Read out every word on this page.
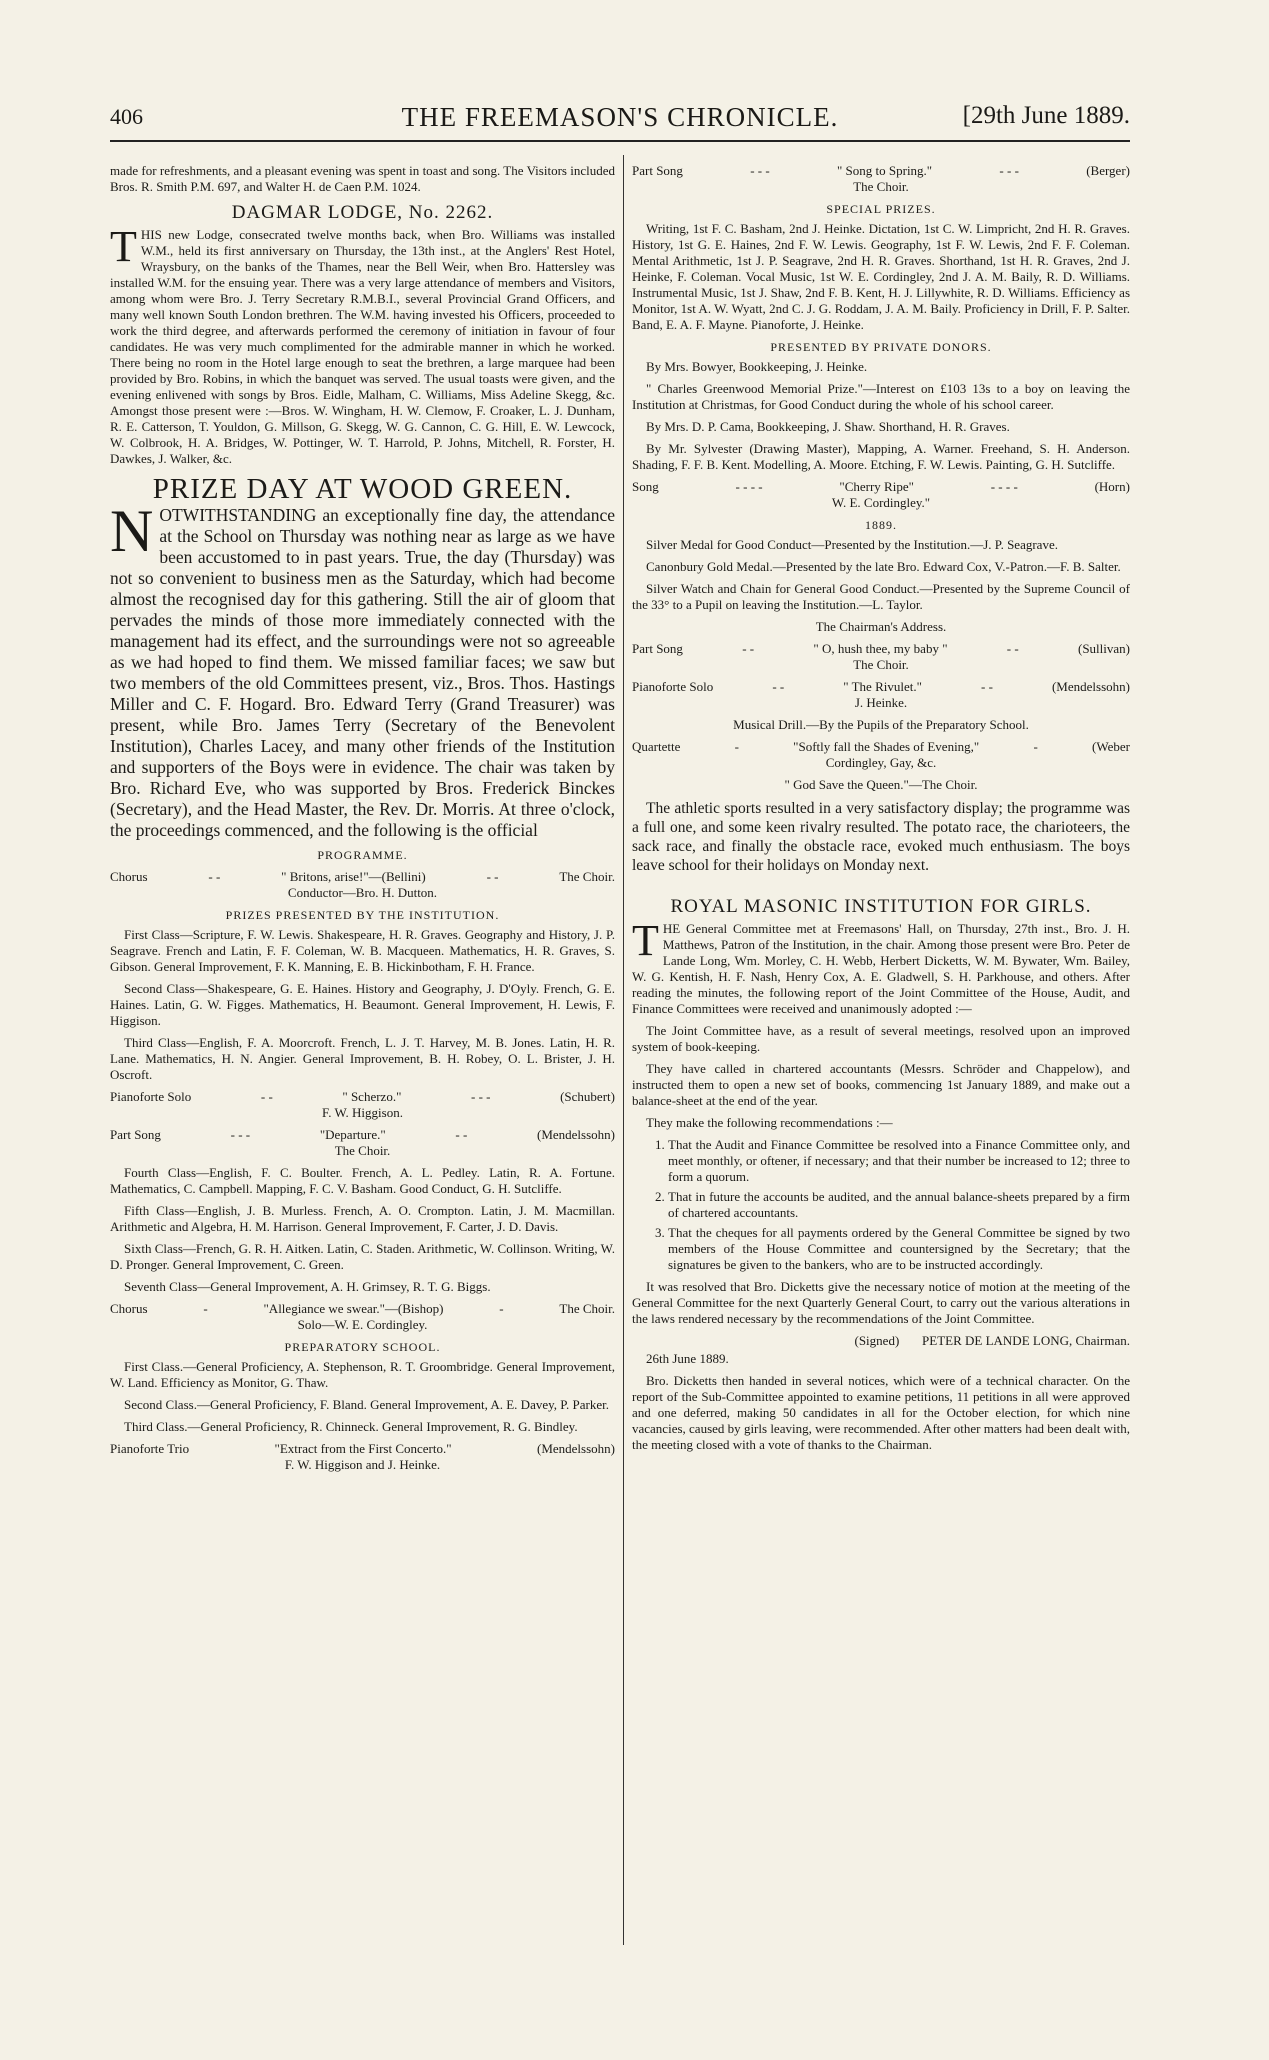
406	THE FREEMASON'S CHRONICLE.	[29th June 1889.

made for refreshments, and a pleasant evening was spent in toast and song. The Visitors included Bros. R. Smith P.M. 697, and Walter H. de Caen P.M. 1024.

DAGMAR LODGE, No. 2262.

THIS new Lodge, consecrated twelve months back, when Bro. Williams was installed W.M., held its first anniversary on Thursday, the 13th inst., at the Anglers' Rest Hotel, Wraysbury, on the banks of the Thames, near the Bell Weir, when Bro. Hattersley was installed W.M. for the ensuing year. There was a very large attendance of members and Visitors, among whom were Bro. J. Terry Secretary R.M.B.I., several Provincial Grand Officers, and many well known South London brethren. The W.M. having invested his Officers, proceeded to work the third degree, and afterwards performed the ceremony of initiation in favour of four candidates. He was very much complimented for the admirable manner in which he worked. There being no room in the Hotel large enough to seat the brethren, a large marquee had been provided by Bro. Robins, in which the banquet was served. The usual toasts were given, and the evening enlivened with songs by Bros. Eidle, Malham, C. Williams, Miss Adeline Skegg, &c. Amongst those present were :—Bros. W. Wingham, H. W. Clemow, F. Croaker, L. J. Dunham, R. E. Catterson, T. Youldon, G. Millson, G. Skegg, W. G. Cannon, C. G. Hill, E. W. Lewcock, W. Colbrook, H. A. Bridges, W. Pottinger, W. T. Harrold, P. Johns, Mitchell, R. Forster, H. Dawkes, J. Walker, &c.

PRIZE DAY AT WOOD GREEN.

NOTWITHSTANDING an exceptionally fine day, the attendance at the School on Thursday was nothing near as large as we have been accustomed to in past years. True, the day (Thursday) was not so convenient to business men as the Saturday, which had become almost the recognised day for this gathering. Still the air of gloom that pervades the minds of those more immediately connected with the management had its effect, and the surroundings were not so agreeable as we had hoped to find them. We missed familiar faces; we saw but two members of the old Committees present, viz., Bros. Thos. Hastings Miller and C. F. Hogard. Bro. Edward Terry (Grand Treasurer) was present, while Bro. James Terry (Secretary of the Benevolent Institution), Charles Lacey, and many other friends of the Institution and supporters of the Boys were in evidence. The chair was taken by Bro. Richard Eve, who was supported by Bros. Frederick Binckes (Secretary), and the Head Master, the Rev. Dr. Morris. At three o'clock, the proceedings commenced, and the following is the official

PROGRAMME.
Chorus	- -	" Britons, arise!"—(Bellini)	- -	The Choir.
Conductor—Bro. H. Dutton.
PRIZES PRESENTED BY THE INSTITUTION.

First Class—Scripture, F. W. Lewis. Shakespeare, H. R. Graves. Geography and History, J. P. Seagrave. French and Latin, F. F. Coleman, W. B. Macqueen. Mathematics, H. R. Graves, S. Gibson. General Improvement, F. K. Manning, E. B. Hickinbotham, F. H. France.

Second Class—Shakespeare, G. E. Haines. History and Geography, J. D'Oyly. French, G. E. Haines. Latin, G. W. Figges. Mathematics, H. Beaumont. General Improvement, H. Lewis, F. Higgison.

Third Class—English, F. A. Moorcroft. French, L. J. T. Harvey, M. B. Jones. Latin, H. R. Lane. Mathematics, H. N. Angier. General Improvement, B. H. Robey, O. L. Brister, J. H. Oscroft.

Pianoforte Solo	- -	" Scherzo."	- - -	(Schubert)
F. W. Higgison.
Part Song	- - -	"Departure."	- -	(Mendelssohn)
The Choir.

Fourth Class—English, F. C. Boulter. French, A. L. Pedley. Latin, R. A. Fortune. Mathematics, C. Campbell. Mapping, F. C. V. Basham. Good Conduct, G. H. Sutcliffe.

Fifth Class—English, J. B. Murless. French, A. O. Crompton. Latin, J. M. Macmillan. Arithmetic and Algebra, H. M. Harrison. General Improvement, F. Carter, J. D. Davis.

Sixth Class—French, G. R. H. Aitken. Latin, C. Staden. Arithmetic, W. Collinson. Writing, W. D. Pronger. General Improvement, C. Green.

Seventh Class—General Improvement, A. H. Grimsey, R. T. G. Biggs.

Chorus	-	"Allegiance we swear."—(Bishop)	-	The Choir.
Solo—W. E. Cordingley.
PREPARATORY SCHOOL.

First Class.—General Proficiency, A. Stephenson, R. T. Groombridge. General Improvement, W. Land. Efficiency as Monitor, G. Thaw.

Second Class.—General Proficiency, F. Bland. General Improvement, A. E. Davey, P. Parker.

Third Class.—General Proficiency, R. Chinneck. General Improvement, R. G. Bindley.

Pianoforte Trio	"Extract from the First Concerto."	(Mendelssohn)
F. W. Higgison and J. Heinke.
Part Song	- - -	" Song to Spring."	- - -	(Berger)
The Choir.
SPECIAL PRIZES.

Writing, 1st F. C. Basham, 2nd J. Heinke. Dictation, 1st C. W. Limpricht, 2nd H. R. Graves. History, 1st G. E. Haines, 2nd F. W. Lewis. Geography, 1st F. W. Lewis, 2nd F. F. Coleman. Mental Arithmetic, 1st J. P. Seagrave, 2nd H. R. Graves. Shorthand, 1st H. R. Graves, 2nd J. Heinke, F. Coleman. Vocal Music, 1st W. E. Cordingley, 2nd J. A. M. Baily, R. D. Williams. Instrumental Music, 1st J. Shaw, 2nd F. B. Kent, H. J. Lillywhite, R. D. Williams. Efficiency as Monitor, 1st A. W. Wyatt, 2nd C. J. G. Roddam, J. A. M. Baily. Proficiency in Drill, F. P. Salter. Band, E. A. F. Mayne. Pianoforte, J. Heinke.

PRESENTED BY PRIVATE DONORS.

By Mrs. Bowyer, Bookkeeping, J. Heinke.

" Charles Greenwood Memorial Prize."—Interest on £103 13s to a boy on leaving the Institution at Christmas, for Good Conduct during the whole of his school career.

By Mrs. D. P. Cama, Bookkeeping, J. Shaw. Shorthand, H. R. Graves.

By Mr. Sylvester (Drawing Master), Mapping, A. Warner. Freehand, S. H. Anderson. Shading, F. F. B. Kent. Modelling, A. Moore. Etching, F. W. Lewis. Painting, G. H. Sutcliffe.

Song	- - - -	"Cherry Ripe"	- - - -	(Horn)
W. E. Cordingley."
1889.

Silver Medal for Good Conduct—Presented by the Institution.—J. P. Seagrave.

Canonbury Gold Medal.—Presented by the late Bro. Edward Cox, V.-Patron.—F. B. Salter.

Silver Watch and Chain for General Good Conduct.—Presented by the Supreme Council of the 33° to a Pupil on leaving the Institution.—L. Taylor.

The Chairman's Address.
Part Song	- -	" O, hush thee, my baby "	- -	(Sullivan)
The Choir.
Pianoforte Solo	- -	" The Rivulet."	- -	(Mendelssohn)
J. Heinke.
Musical Drill.—By the Pupils of the Preparatory School.
Quartette	-	"Softly fall the Shades of Evening,"	-	(Weber
Cordingley, Gay, &c.
" God Save the Queen."—The Choir.

The athletic sports resulted in a very satisfactory display; the programme was a full one, and some keen rivalry resulted. The potato race, the charioteers, the sack race, and finally the obstacle race, evoked much enthusiasm. The boys leave school for their holidays on Monday next.

ROYAL MASONIC INSTITUTION FOR GIRLS.

THE General Committee met at Freemasons' Hall, on Thursday, 27th inst., Bro. J. H. Matthews, Patron of the Institution, in the chair. Among those present were Bro. Peter de Lande Long, Wm. Morley, C. H. Webb, Herbert Dicketts, W. M. Bywater, Wm. Bailey, W. G. Kentish, H. F. Nash, Henry Cox, A. E. Gladwell, S. H. Parkhouse, and others. After reading the minutes, the following report of the Joint Committee of the House, Audit, and Finance Committees were received and unanimously adopted :—

The Joint Committee have, as a result of several meetings, resolved upon an improved system of book-keeping.

They have called in chartered accountants (Messrs. Schröder and Chappelow), and instructed them to open a new set of books, commencing 1st January 1889, and make out a balance-sheet at the end of the year.

They make the following recommendations :—

1. That the Audit and Finance Committee be resolved into a Finance Committee only, and meet monthly, or oftener, if necessary; and that their number be increased to 12; three to form a quorum.
2. That in future the accounts be audited, and the annual balance-sheets prepared by a firm of chartered accountants.
3. That the cheques for all payments ordered by the General Committee be signed by two members of the House Committee and countersigned by the Secretary; that the signatures be given to the bankers, who are to be instructed accordingly.

It was resolved that Bro. Dicketts give the necessary notice of motion at the meeting of the General Committee for the next Quarterly General Court, to carry out the various alterations in the laws rendered necessary by the recommendations of the Joint Committee.

(Signed) PETER DE LANDE LONG, Chairman.

26th June 1889.

Bro. Dicketts then handed in several notices, which were of a technical character. On the report of the Sub-Committee appointed to examine petitions, 11 petitions in all were approved and one deferred, making 50 candidates in all for the October election, for which nine vacancies, caused by girls leaving, were recommended. After other matters had been dealt with, the meeting closed with a vote of thanks to the Chairman.
